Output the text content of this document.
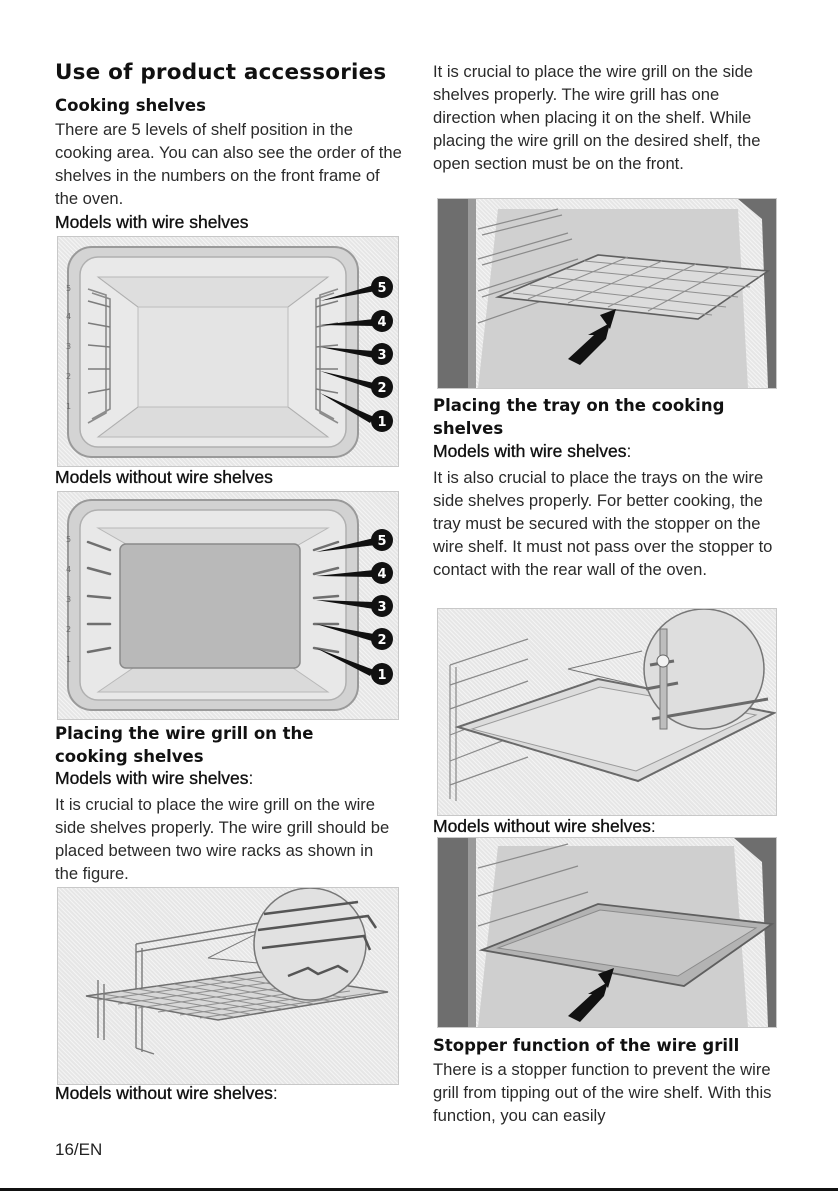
Use of product accessories
Cooking shelves
There are 5 levels of shelf position in the cooking area. You can also see the order of the shelves in the numbers on the front frame of the oven.
Models with wire shelves
5
4
3
2
1
5
4
3
2
1
Models without wire shelves
5
4
3
2
1
5
4
3
2
1
Placing the wire grill on the cooking shelves
Models with wire shelves:
It is crucial to place the wire grill on the wire side shelves properly. The wire grill should be placed between two wire racks as shown in the figure.
Models without wire shelves:
It is crucial to place the wire grill on the side shelves properly. The wire grill has one direction when placing it on the shelf. While placing the wire grill on the desired shelf, the open section must be on the front.
Placing the tray on the cooking shelves
Models with wire shelves:
It is also crucial to place the trays on the wire side shelves properly. For better cooking, the tray must be secured with the stopper on the wire shelf. It must not pass over the stopper to contact with the rear wall of the oven.
Models without wire shelves:
Stopper function of the wire grill
There is a stopper function to prevent the wire grill from tipping out of the wire shelf. With this function, you can easily
16/EN
